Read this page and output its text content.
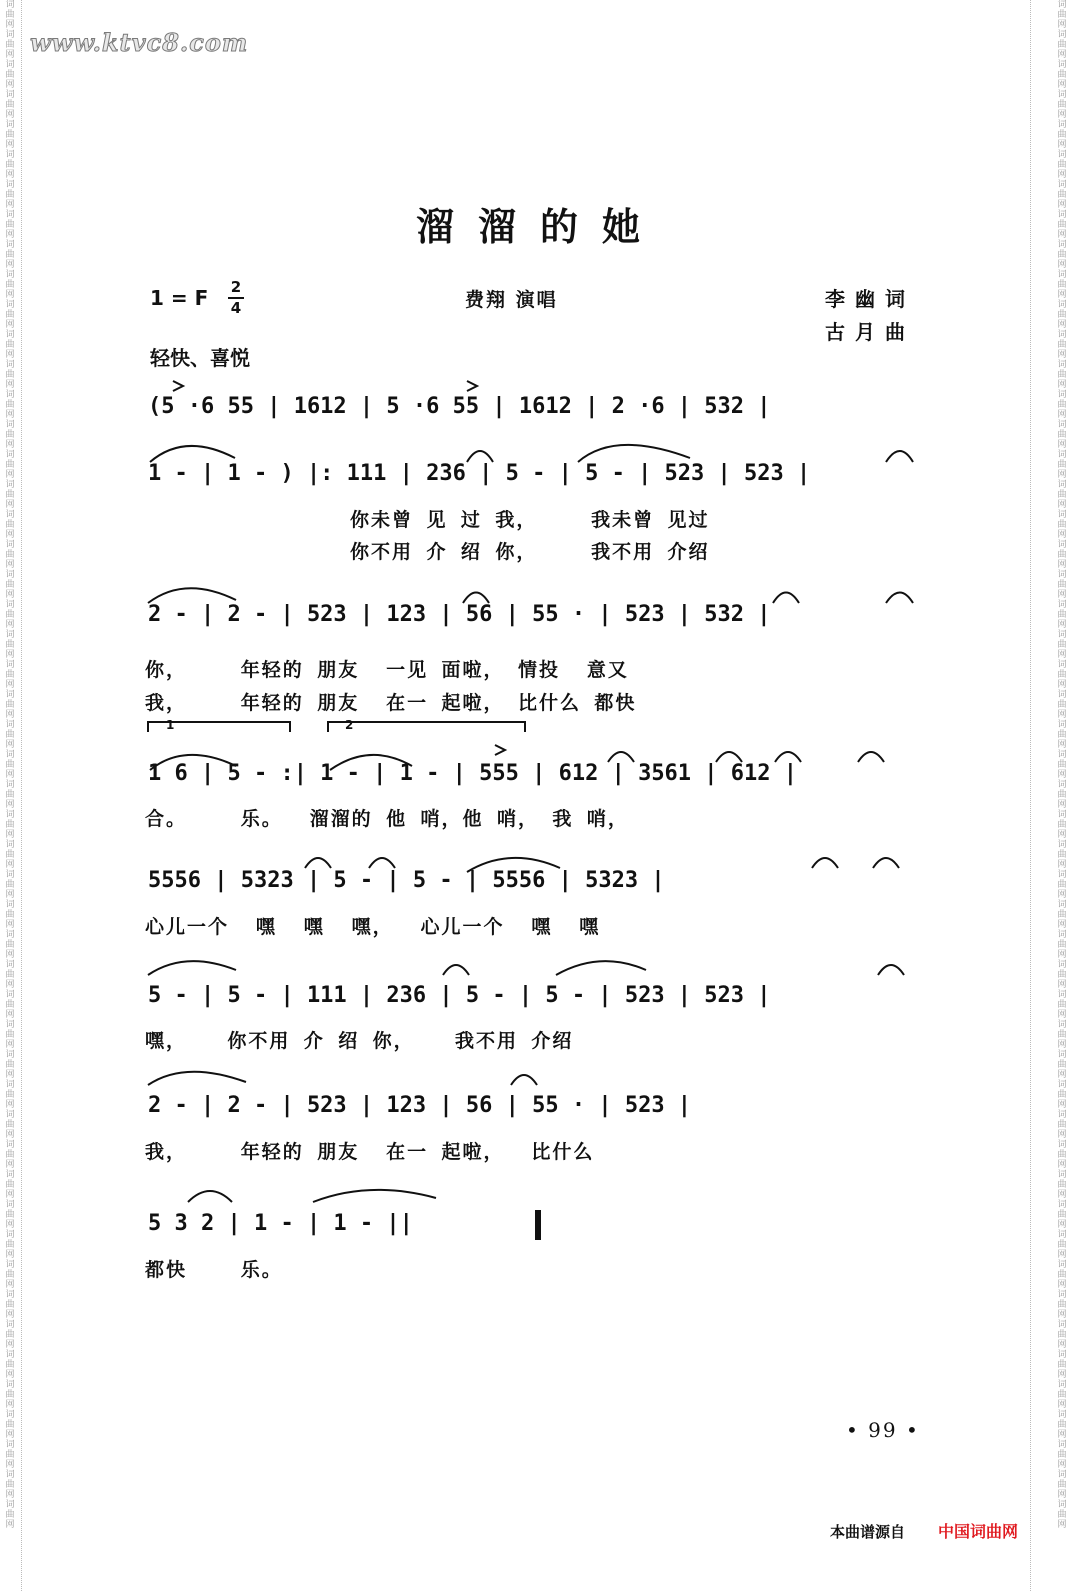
词曲网词曲网词曲网词曲网词曲网词曲网词曲网词曲网词曲网词曲网词曲网词曲网词曲网词曲网词曲网词曲网词曲网词曲网词曲网词曲网词曲网词曲网词曲网词曲网词曲网词曲网词曲网词曲网词曲网词曲网词曲网词曲网词曲网词曲网词曲网词曲网词曲网词曲网词曲网词曲网词曲网词曲网词曲网词曲网词曲网词曲网词曲网词曲网词曲网词曲网词曲网
词曲网词曲网词曲网词曲网词曲网词曲网词曲网词曲网词曲网词曲网词曲网词曲网词曲网词曲网词曲网词曲网词曲网词曲网词曲网词曲网词曲网词曲网词曲网词曲网词曲网词曲网词曲网词曲网词曲网词曲网词曲网词曲网词曲网词曲网词曲网词曲网词曲网词曲网词曲网词曲网词曲网词曲网词曲网词曲网词曲网词曲网词曲网词曲网词曲网词曲网词曲网
www.ktvc8.com
溜溜的她
1 = F 2
4	费翔 演唱	李幽词
古月曲
轻快、喜悦
(5 ·6 55 | 1612 | 5 ·6 55 | 1612 | 2 ·6 | 532 |
1 - | 1 - ) |: 111 | 236 | 5 - | 5 - | 523 | 523 |
你未曾 见 过 我，    我未曾 见过
你不用 介 绍 你，    我不用 介绍
2 - | 2 - | 523 | 123 | 56 | 55 · | 523 | 532 |
你，    年轻的 朋友  一见 面啦， 情投  意又
我，    年轻的 朋友  在一 起啦， 比什么 都快
1	2
1 6 | 5 - :| 1 - | 1 - | 555 | 612 | 3561 | 612 |
合。    乐。  溜溜的 他 哨，他 哨， 我 哨，
5556 | 5323 | 5 - | 5 - | 5556 | 5323 |
心儿一个  嘿  嘿  嘿，  心儿一个  嘿  嘿
5 - | 5 - | 111 | 236 | 5 - | 5 - | 523 | 523 |
嘿，   你不用 介 绍 你，   我不用 介绍
2 - | 2 - | 523 | 123 | 56 | 55 · | 523 |
我，    年轻的 朋友  在一 起啦，  比什么
5 3 2 | 1 - | 1 - ||
都快    乐。
• 99 •
本曲谱源自 中国词曲网
